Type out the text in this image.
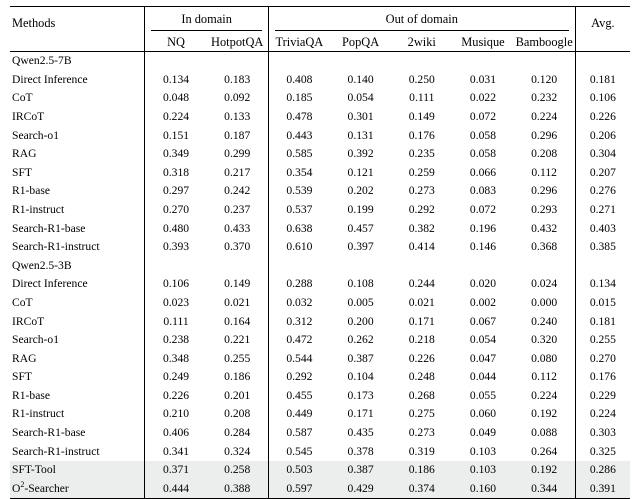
Methods	In domain		Out of domain					Avg.
	NQ	HotpotQA	TriviaQA	PopQA	2wiki	Musique	Bamboogle	
Qwen2.5-7B								
Direct Inference	0.134	0.183	0.408	0.140	0.250	0.031	0.120	0.181
CoT	0.048	0.092	0.185	0.054	0.111	0.022	0.232	0.106
IRCoT	0.224	0.133	0.478	0.301	0.149	0.072	0.224	0.226
Search-o1	0.151	0.187	0.443	0.131	0.176	0.058	0.296	0.206
RAG	0.349	0.299	0.585	0.392	0.235	0.058	0.208	0.304
SFT	0.318	0.217	0.354	0.121	0.259	0.066	0.112	0.207
R1-base	0.297	0.242	0.539	0.202	0.273	0.083	0.296	0.276
R1-instruct	0.270	0.237	0.537	0.199	0.292	0.072	0.293	0.271
Search-R1-base	0.480	0.433	0.638	0.457	0.382	0.196	0.432	0.403
Search-R1-instruct	0.393	0.370	0.610	0.397	0.414	0.146	0.368	0.385
Qwen2.5-3B								
Direct Inference	0.106	0.149	0.288	0.108	0.244	0.020	0.024	0.134
CoT	0.023	0.021	0.032	0.005	0.021	0.002	0.000	0.015
IRCoT	0.111	0.164	0.312	0.200	0.171	0.067	0.240	0.181
Search-o1	0.238	0.221	0.472	0.262	0.218	0.054	0.320	0.255
RAG	0.348	0.255	0.544	0.387	0.226	0.047	0.080	0.270
SFT	0.249	0.186	0.292	0.104	0.248	0.044	0.112	0.176
R1-base	0.226	0.201	0.455	0.173	0.268	0.055	0.224	0.229
R1-instruct	0.210	0.208	0.449	0.171	0.275	0.060	0.192	0.224
Search-R1-base	0.406	0.284	0.587	0.435	0.273	0.049	0.088	0.303
Search-R1-instruct	0.341	0.324	0.545	0.378	0.319	0.103	0.264	0.325
SFT-Tool	0.371	0.258	0.503	0.387	0.186	0.103	0.192	0.286
$O^2$-Searcher	0.444	0.388	0.597	0.429	0.374	0.160	0.344	0.391
